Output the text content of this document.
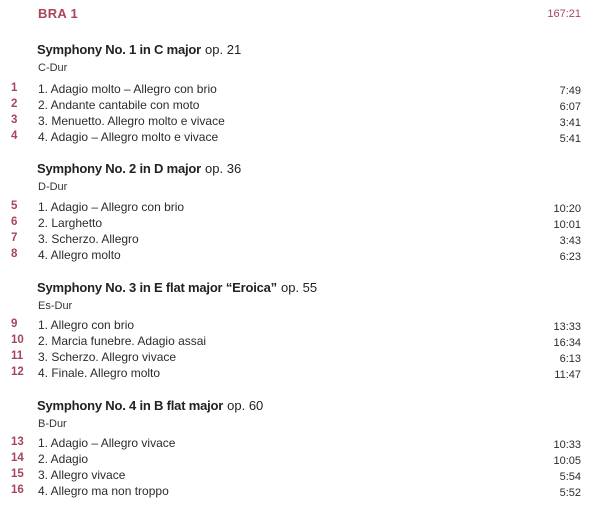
BRA 1	167:21
Symphony No. 1 in C major op. 21
C-Dur
1 1. Adagio molto – Allegro con brio	7:49
2 2. Andante cantabile con moto	6:07
3 3. Menuetto. Allegro molto e vivace	3:41
4 4. Adagio – Allegro molto e vivace	5:41
Symphony No. 2 in D major op. 36
D-Dur
5 1. Adagio – Allegro con brio	10:20
6 2. Larghetto	10:01
7 3. Scherzo. Allegro	3:43
8 4. Allegro molto	6:23
Symphony No. 3 in E flat major “Eroica” op. 55
Es-Dur
9 1. Allegro con brio	13:33
10 2. Marcia funebre. Adagio assai	16:34
11 3. Scherzo. Allegro vivace	6:13
12 4. Finale. Allegro molto	11:47
Symphony No. 4 in B flat major op. 60
B-Dur
13 1. Adagio – Allegro vivace	10:33
14 2. Adagio	10:05
15 3. Allegro vivace	5:54
16 4. Allegro ma non troppo	5:52
